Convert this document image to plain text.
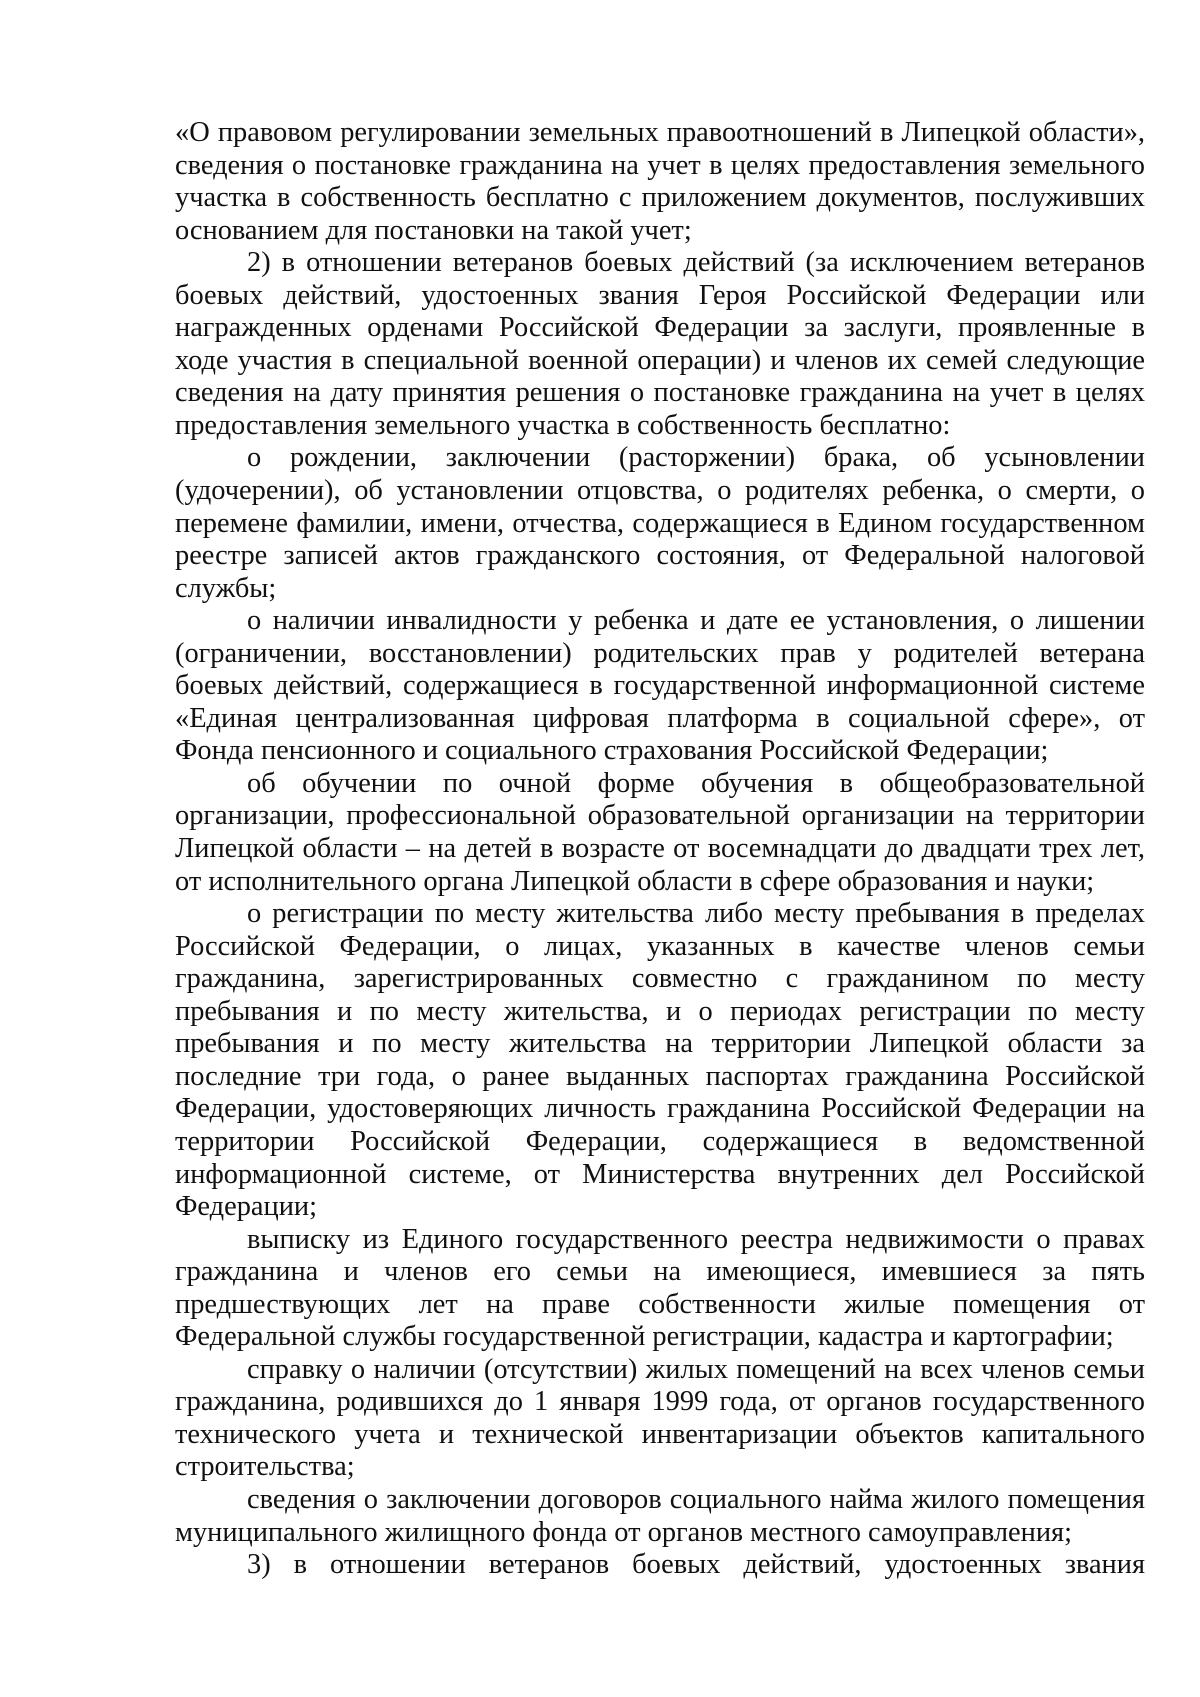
«О правовом регулировании земельных правоотношений в Липецкой области», сведения о постановке гражданина на учет в целях предоставления земельного участка в собственность бесплатно с приложением документов, послуживших основанием для постановки на такой учет;

2) в отношении ветеранов боевых действий (за исключением ветеранов боевых действий, удостоенных звания Героя Российской Федерации или награжденных орденами Российской Федерации за заслуги, проявленные в ходе участия в специальной военной операции) и членов их семей следующие сведения на дату принятия решения о постановке гражданина на учет в целях предоставления земельного участка в собственность бесплатно:

о рождении, заключении (расторжении) брака, об усыновлении (удочерении), об установлении отцовства, о родителях ребенка, о смерти, о перемене фамилии, имени, отчества, содержащиеся в Едином государственном реестре записей актов гражданского состояния, от Федеральной налоговой службы;

о наличии инвалидности у ребенка и дате ее установления, о лишении (ограничении, восстановлении) родительских прав у родителей ветерана боевых действий, содержащиеся в государственной информационной системе «Единая централизованная цифровая платформа в социальной сфере», от Фонда пенсионного и социального страхования Российской Федерации;

об обучении по очной форме обучения в общеобразовательной организации, профессиональной образовательной организации на территории Липецкой области – на детей в возрасте от восемнадцати до двадцати трех лет, от исполнительного органа Липецкой области в сфере образования и науки;

о регистрации по месту жительства либо месту пребывания в пределах Российской Федерации, о лицах, указанных в качестве членов семьи гражданина, зарегистрированных совместно с гражданином по месту пребывания и по месту жительства, и о периодах регистрации по месту пребывания и по месту жительства на территории Липецкой области за последние три года, о ранее выданных паспортах гражданина Российской Федерации, удостоверяющих личность гражданина Российской Федерации на территории Российской Федерации, содержащиеся в ведомственной информационной системе, от Министерства внутренних дел Российской Федерации;

выписку из Единого государственного реестра недвижимости о правах гражданина и членов его семьи на имеющиеся, имевшиеся за пять предшествующих лет на праве собственности жилые помещения от Федеральной службы государственной регистрации, кадастра и картографии;

справку о наличии (отсутствии) жилых помещений на всех членов семьи гражданина, родившихся до 1 января 1999 года, от органов государственного технического учета и технической инвентаризации объектов капитального строительства;

сведения о заключении договоров социального найма жилого помещения муниципального жилищного фонда от органов местного самоуправления;

3) в отношении ветеранов боевых действий, удостоенных звания
